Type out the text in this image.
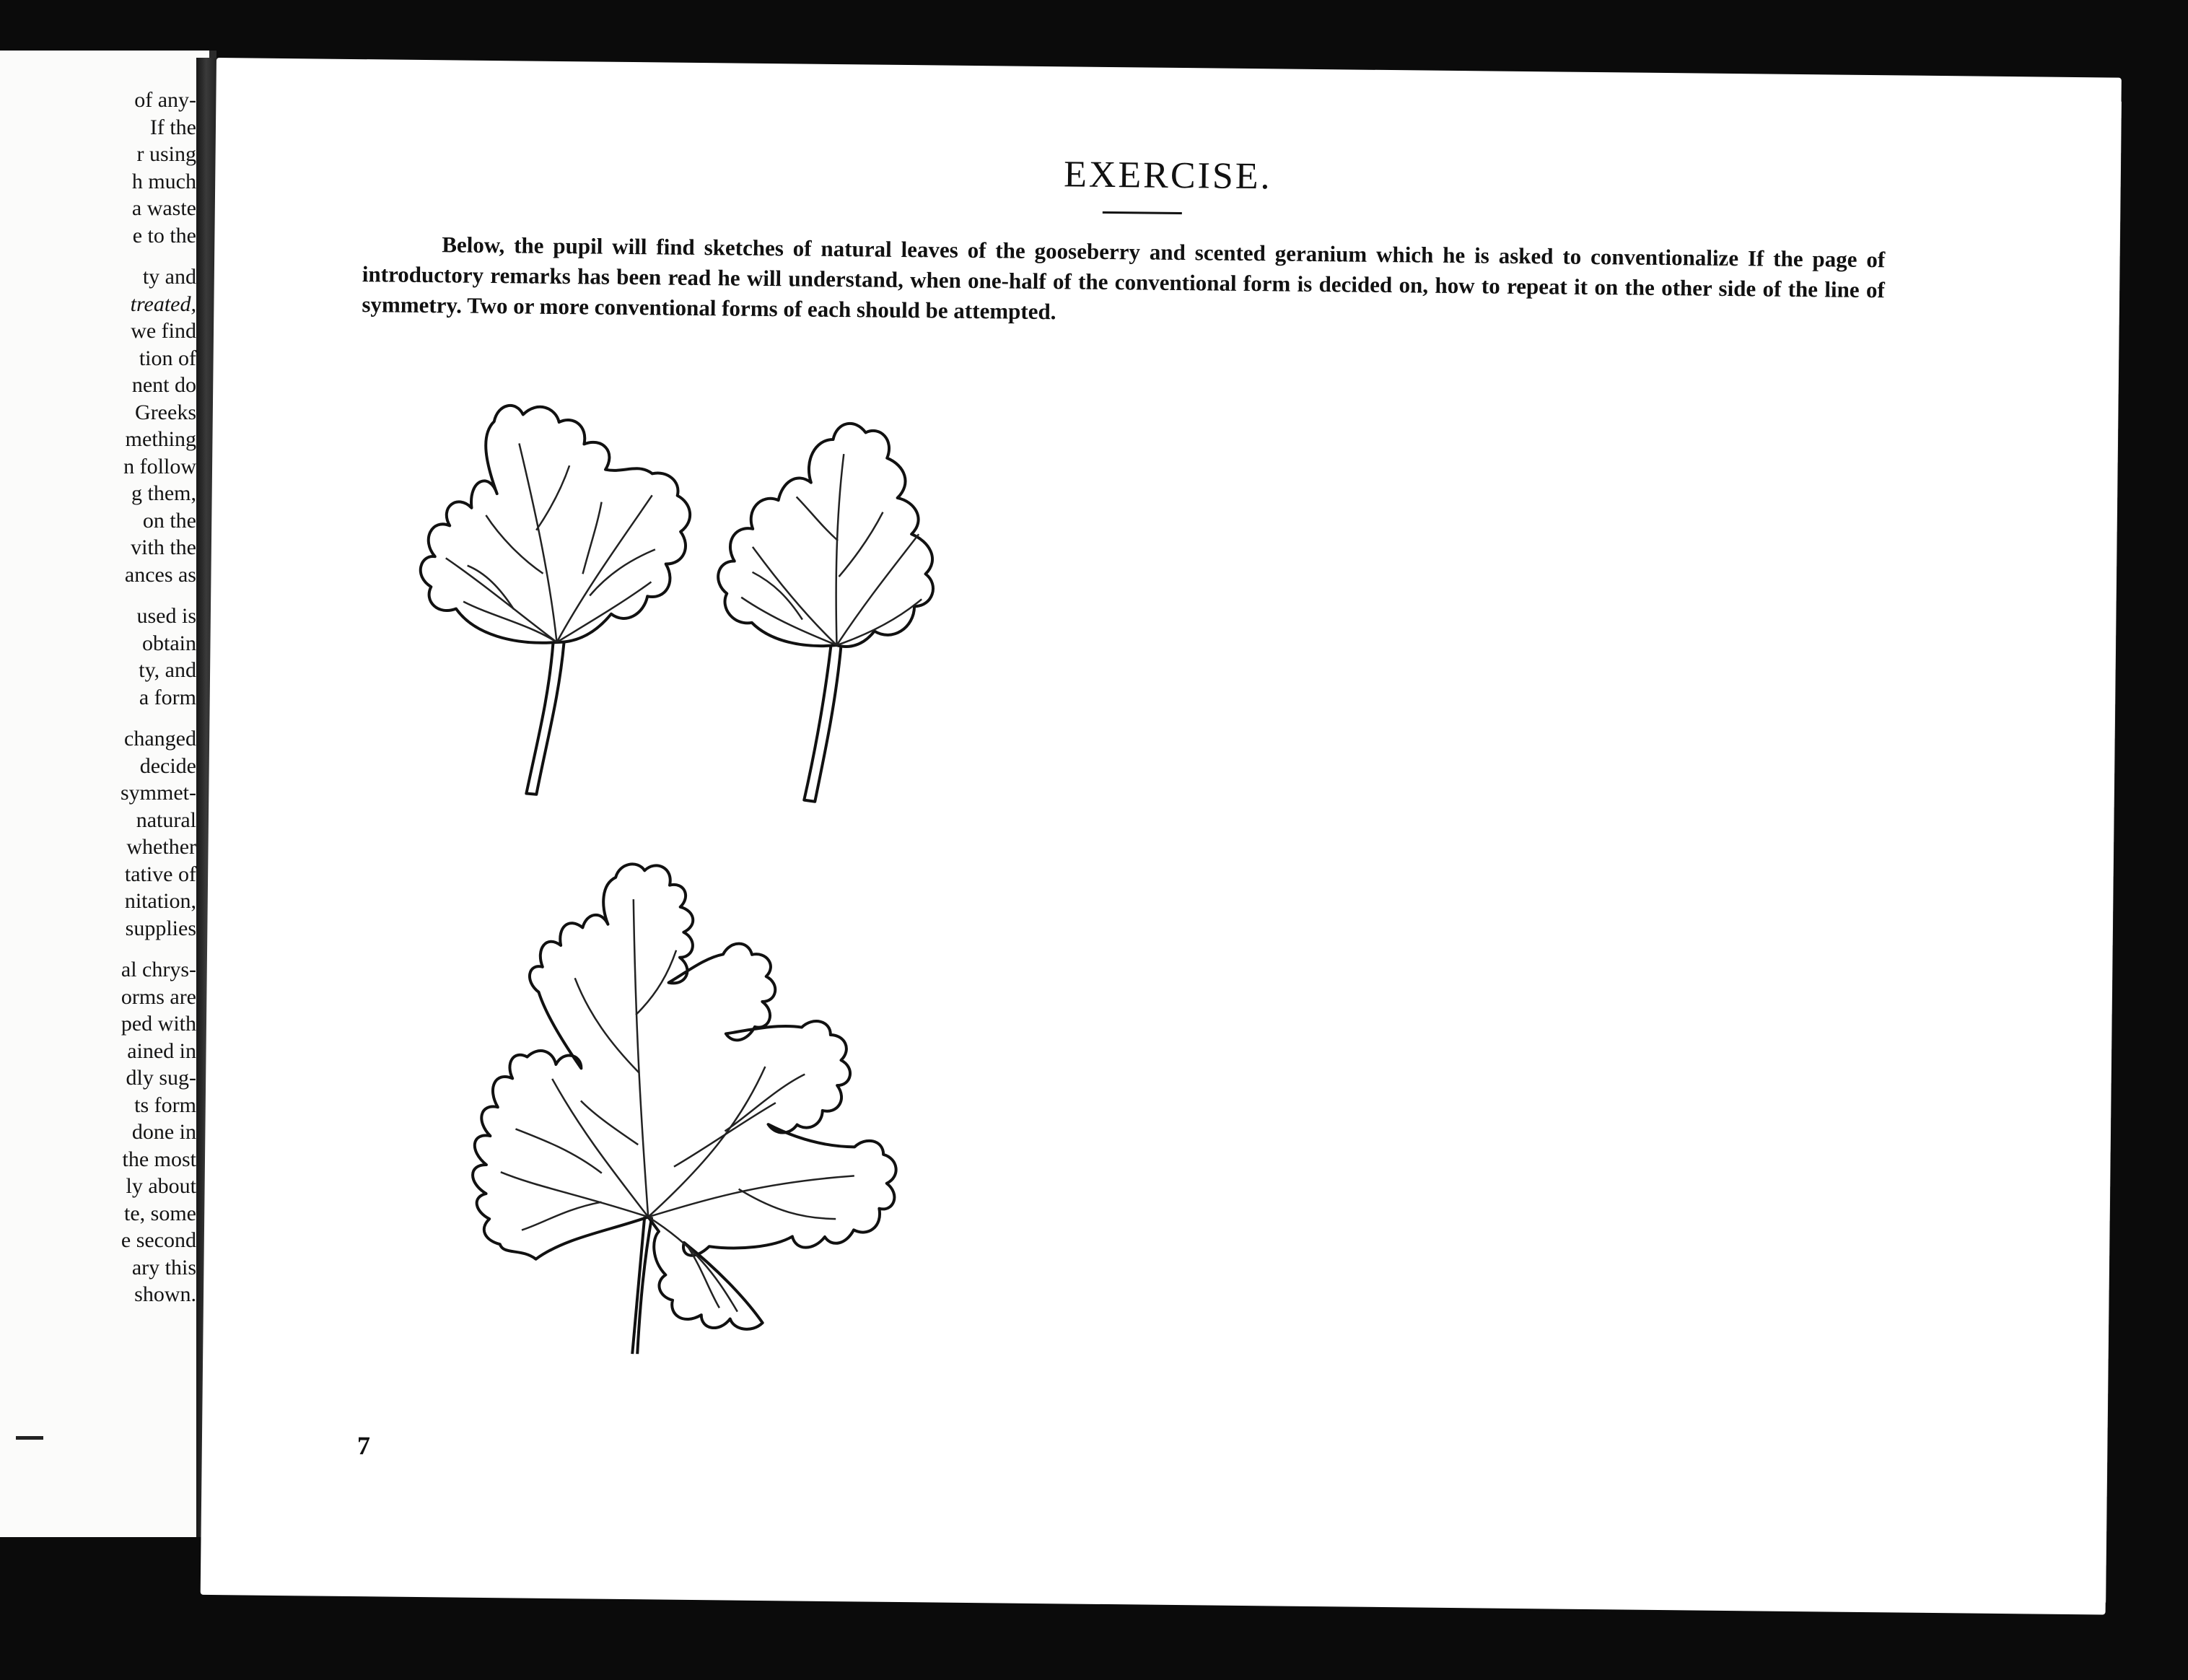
of any-

If the

r using

h much

a waste

e to the

ty and

treated,

we find

tion of

nent do

Greeks

mething

n follow

g them,

on the

vith the

ances as

used is

obtain

ty, and

a form

changed

decide

symmet-

natural

whether

tative of

nitation,

supplies

al chrys-

orms are

ped with

ained in

dly sug-

ts form

done in

the most

ly about

te, some

e second

ary this

shown.

EXERCISE.

Below, the pupil will find sketches of natural leaves of the gooseberry and scented geranium which he is asked to conventionalize If the page of introductory remarks has been read he will understand, when one-half of the conventional form is decided on, how to repeat it on the other side of the line of symmetry. Two or more conventional forms of each should be attempted.

7
